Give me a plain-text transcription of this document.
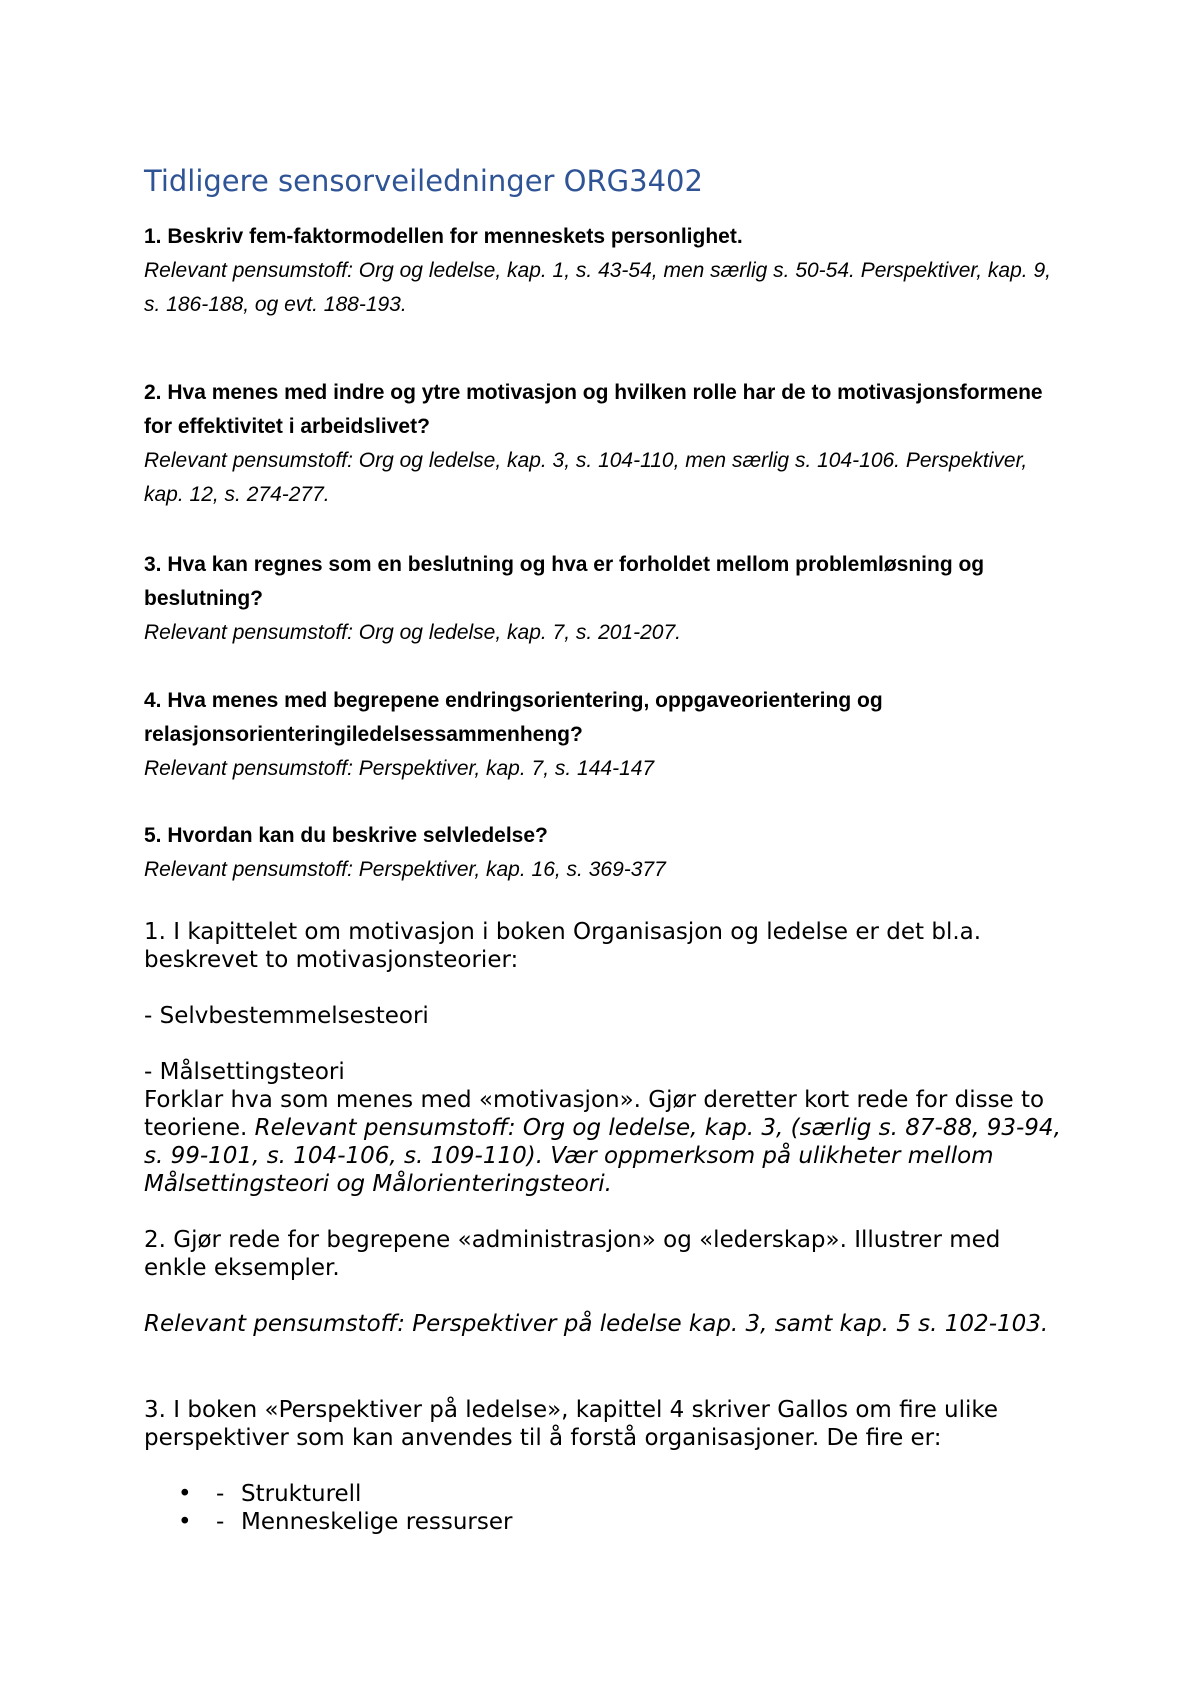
Tidligere sensorveiledninger ORG3402
1. Beskriv fem-faktormodellen for menneskets personlighet.
Relevant pensumstoff: Org og ledelse, kap. 1, s. 43-54, men særlig s. 50-54. Perspektiver, kap. 9, s. 186-188, og evt. 188-193.
2. Hva menes med indre og ytre motivasjon og hvilken rolle har de to motivasjonsformene for effektivitet i arbeidslivet?
Relevant pensumstoff: Org og ledelse, kap. 3, s. 104-110, men særlig s. 104-106. Perspektiver, kap. 12, s. 274-277.
3. Hva kan regnes som en beslutning og hva er forholdet mellom problemløsning og beslutning?
Relevant pensumstoff: Org og ledelse, kap. 7, s. 201-207.
4. Hva menes med begrepene endringsorientering, oppgaveorientering og relasjonsorienteringiledelsessammenheng?
Relevant pensumstoff: Perspektiver, kap. 7, s. 144-147
5. Hvordan kan du beskrive selvledelse?
Relevant pensumstoff: Perspektiver, kap. 16, s. 369-377

1. I kapittelet om motivasjon i boken Organisasjon og ledelse er det bl.a. beskrevet to motivasjonsteorier:

- Selvbestemmelsesteori

- Målsettingsteori

Forklar hva som menes med «motivasjon». Gjør deretter kort rede for disse to teoriene. Relevant pensumstoff: Org og ledelse, kap. 3, (særlig s. 87-88, 93-94, s. 99-101, s. 104-106, s. 109-110). Vær oppmerksom på ulikheter mellom Målsettingsteori og Målorienteringsteori.

2. Gjør rede for begrepene «administrasjon» og «lederskap». Illustrer med enkle eksempler.

Relevant pensumstoff: Perspektiver på ledelse kap. 3, samt kap. 5 s. 102-103.

3. I boken «Perspektiver på ledelse», kapittel 4 skriver Gallos om fire ulike perspektiver som kan anvendes til å forstå organisasjoner. De fire er:

• - Strukturell
• - Menneskelige ressurser
